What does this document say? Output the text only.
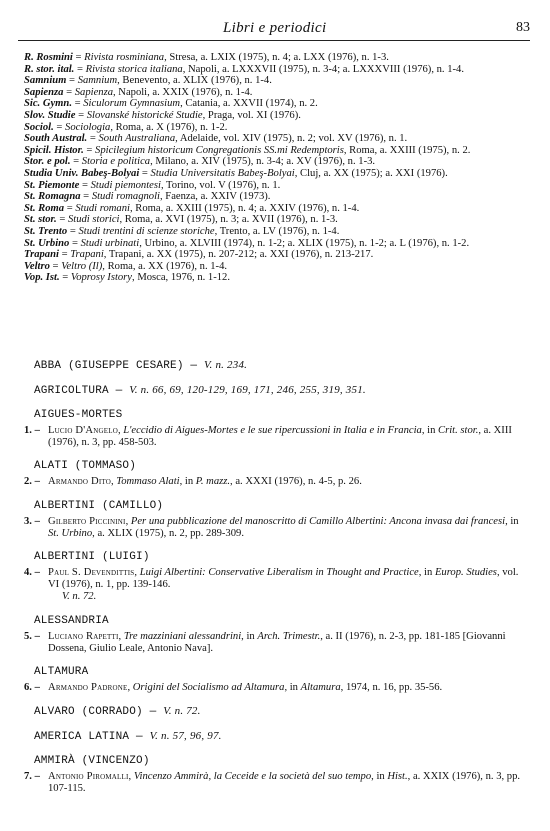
Libri e periodici	83
R. Rosmini = Rivista rosminiana, Stresa, a. LXIX (1975), n. 4; a. LXX (1976), n. 1-3.
R. stor. ital. = Rivista storica italiana, Napoli, a. LXXXVII (1975), n. 3-4; a. LXXXVIII (1976), n. 1-4.
Samnium = Samnium, Benevento, a. XLIX (1976), n. 1-4.
Sapienza = Sapienza, Napoli, a. XXIX (1976), n. 1-4.
Sic. Gymn. = Siculorum Gymnasium, Catania, a. XXVII (1974), n. 2.
Slov. Studie = Slovanské historické Studie, Praga, vol. XI (1976).
Sociol. = Sociologia, Roma, a. X (1976), n. 1-2.
South Austral. = South Australiana, Adelaide, vol. XIV (1975), n. 2; vol. XV (1976), n. 1.
Spicil. Histor. = Spicilegium historicum Congregationis SS.mi Redemptoris, Roma, a. XXIII (1975), n. 2.
Stor. e pol. = Storia e politica, Milano, a. XIV (1975), n. 3-4; a. XV (1976), n. 1-3.
Studia Univ. Babeş-Bolyai = Studia Universitatis Babeş-Bolyai, Cluj, a. XX (1975); a. XXI (1976).
St. Piemonte = Studi piemontesi, Torino, vol. V (1976), n. 1.
St. Romagna = Studi romagnoli, Faenza, a. XXIV (1973).
St. Roma = Studi romani, Roma, a. XXIII (1975), n. 4; a. XXIV (1976), n. 1-4.
St. stor. = Studi storici, Roma, a. XVI (1975), n. 3; a. XVII (1976), n. 1-3.
St. Trento = Studi trentini di scienze storiche, Trento, a. LV (1976), n. 1-4.
St. Urbino = Studi urbinati, Urbino, a. XLVIII (1974), n. 1-2; a. XLIX (1975), n. 1-2; a. L (1976), n. 1-2.
Trapani = Trapani, Trapani, a. XX (1975), n. 207-212; a. XXI (1976), n. 213-217.
Veltro = Veltro (Il), Roma, a. XX (1976), n. 1-4.
Vop. Ist. = Voprosy Istory, Mosca, 1976, n. 1-12.
ABBA (GIUSEPPE CESARE) — V. n. 234.
AGRICOLTURA — V. n. 66, 69, 120-129, 169, 171, 246, 255, 319, 351.
AIGUES-MORTES
1. – Lucio D'Angelo, L'eccidio di Aigues-Mortes e le sue ripercussioni in Italia e in Francia, in Crit. stor., a. XIII (1976), n. 3, pp. 458-503.
ALATI (TOMMASO)
2. – Armando Dito, Tommaso Alati, in P. mazz., a. XXXI (1976), n. 4-5, p. 26.
ALBERTINI (CAMILLO)
3. – Gilberto Piccinini, Per una pubblicazione del manoscritto di Camillo Albertini: Ancona invasa dai francesi, in St. Urbino, a. XLIX (1975), n. 2, pp. 289-309.
ALBERTINI (LUIGI)
4. – Paul S. Devendittis, Luigi Albertini: Conservative Liberalism in Thought and Practice, in Europ. Studies, vol. VI (1976), n. 1, pp. 139-146.
V. n. 72.
ALESSANDRIA
5. – Luciano Rapetti, Tre mazziniani alessandrini, in Arch. Trimestr., a. II (1976), n. 2-3, pp. 181-185 [Giovanni Dossena, Giulio Leale, Antonio Nava].
ALTAMURA
6. – Armando Padrone, Origini del Socialismo ad Altamura, in Altamura, 1974, n. 16, pp. 35-56.
ALVARO (CORRADO) — V. n. 72.
AMERICA LATINA — V. n. 57, 96, 97.
AMMIRÀ (VINCENZO)
7. – Antonio Piromalli, Vincenzo Ammirà, la Ceceide e la società del suo tempo, in Hist., a. XXIX (1976), n. 3, pp. 107-115.
